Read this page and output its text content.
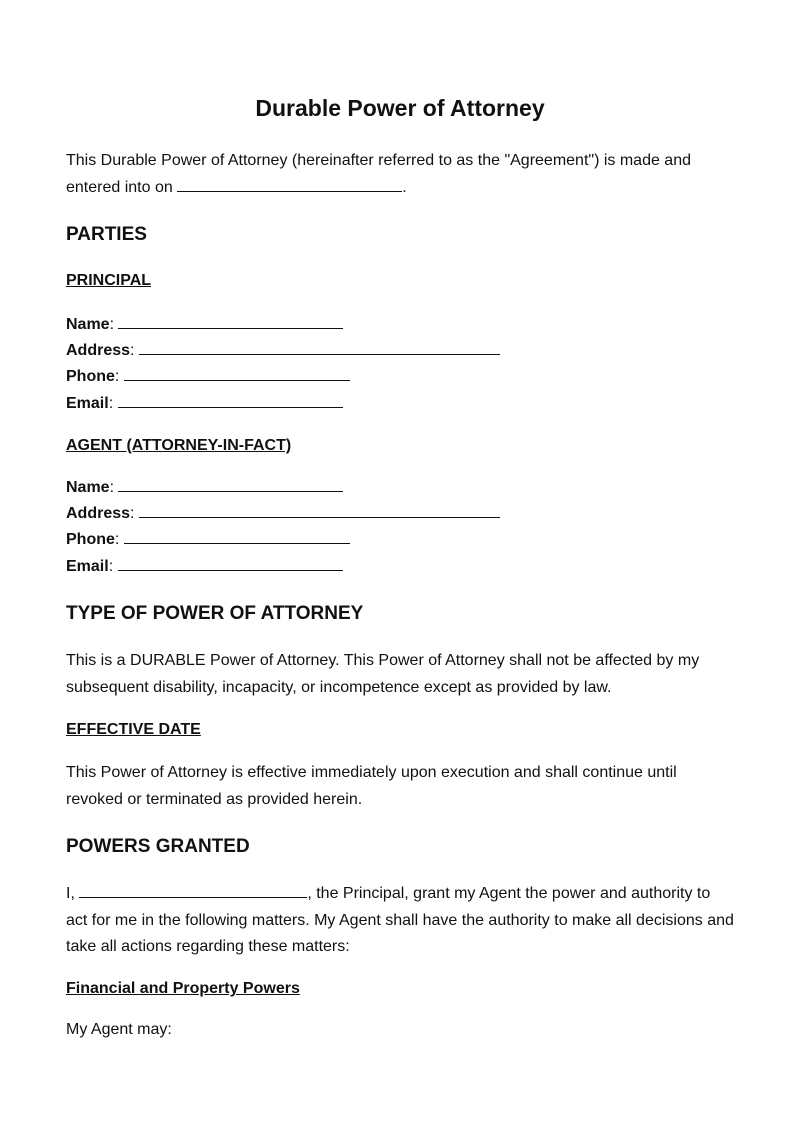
Durable Power of Attorney

This Durable Power of Attorney (hereinafter referred to as the "Agreement") is made and entered into on	.

PARTIES
PRINCIPAL
Name:
Address:
Phone:
Email:
AGENT (ATTORNEY-IN-FACT)
Name:
Address:
Phone:
Email:
TYPE OF POWER OF ATTORNEY

This is a DURABLE Power of Attorney. This Power of Attorney shall not be affected by my subsequent disability, incapacity, or incompetence except as provided by law.

EFFECTIVE DATE

This Power of Attorney is effective immediately upon execution and shall continue until revoked or terminated as provided herein.

POWERS GRANTED

I,	, the Principal, grant my Agent the power and authority to act for me in the following matters. My Agent shall have the authority to make all decisions and take all actions regarding these matters:

Financial and Property Powers

My Agent may:
